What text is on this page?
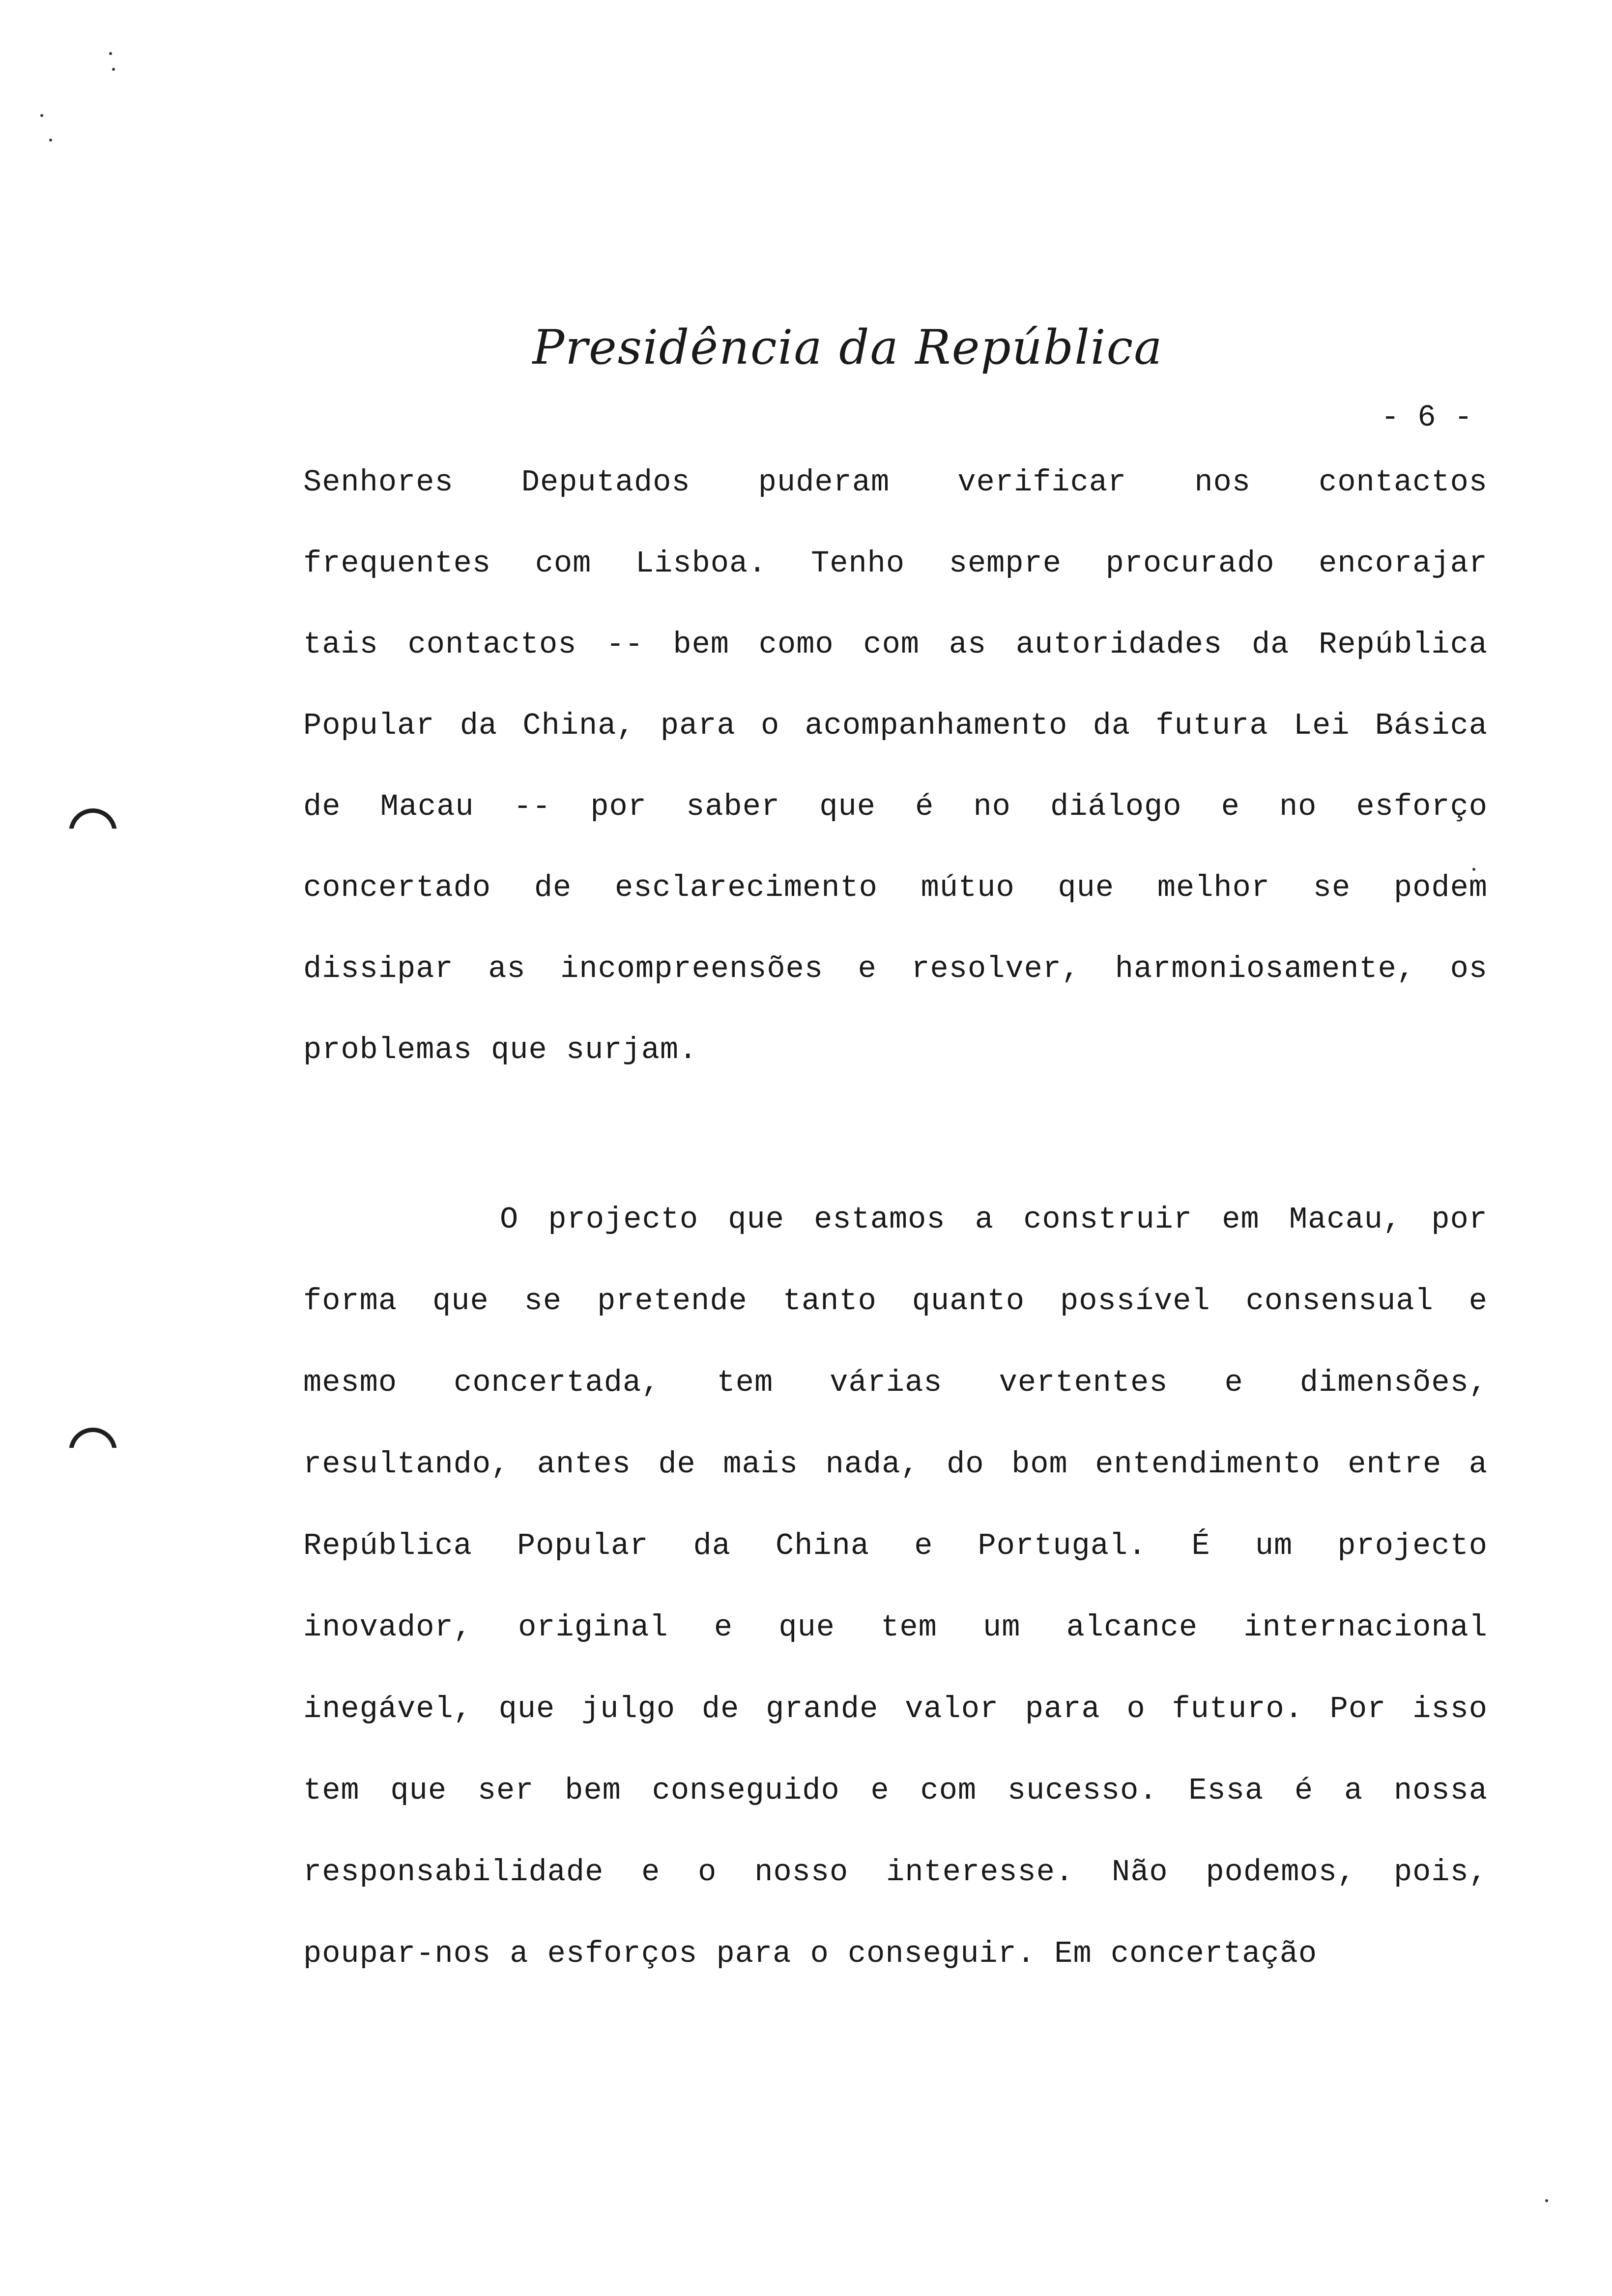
Presidência da República
- 6 -
Senhores Deputados puderam verificar nos contactos
frequentes com Lisboa. Tenho sempre procurado encorajar
tais contactos -- bem como com as autoridades da República
Popular da China, para o acompanhamento da futura Lei Básica
de Macau -- por saber que é no diálogo e no esforço
concertado de esclarecimento mútuo que melhor se podem
dissipar as incompreensões e resolver, harmoniosamente, os
problemas que surjam.
O projecto que estamos a construir em Macau, por
forma que se pretende tanto quanto possível consensual e
mesmo concertada, tem várias vertentes e dimensões,
resultando, antes de mais nada, do bom entendimento entre a
República Popular da China e Portugal. É um projecto
inovador, original e que tem um alcance internacional
inegável, que julgo de grande valor para o futuro. Por isso
tem que ser bem conseguido e com sucesso. Essa é a nossa
responsabilidade e o nosso interesse. Não podemos, pois,
poupar-nos a esforços para o conseguir. Em concertação
